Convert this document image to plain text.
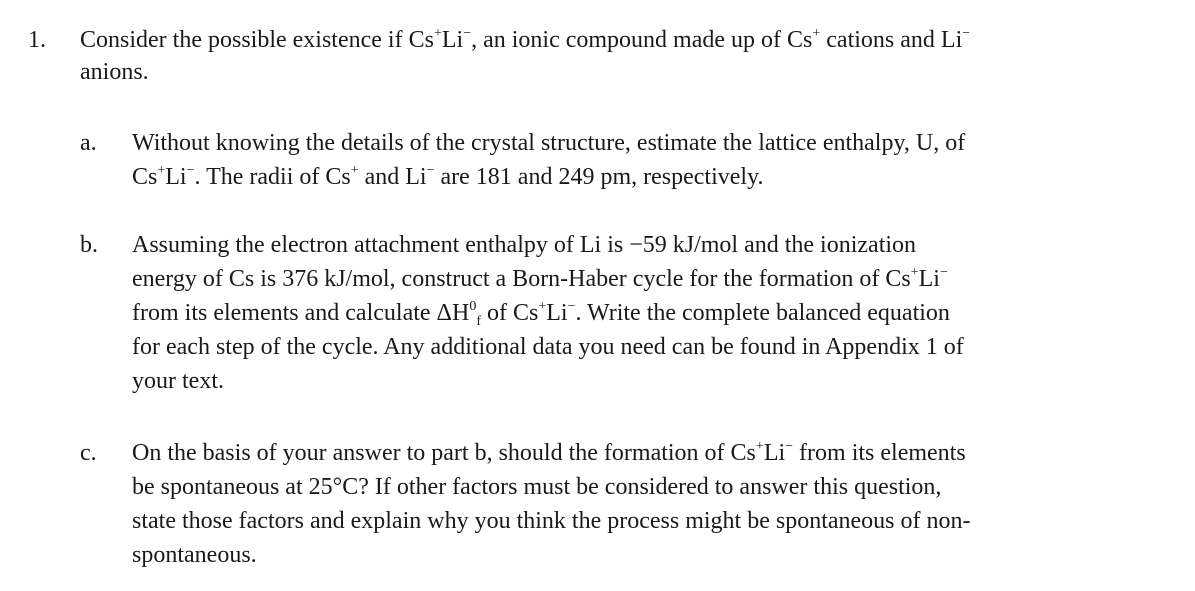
1. Consider the possible existence if Cs+Li−, an ionic compound made up of Cs+ cations and Li−
anions.
a. Without knowing the details of the crystal structure, estimate the lattice enthalpy, U, of
Cs+Li−. The radii of Cs+ and Li− are 181 and 249 pm, respectively.
b. Assuming the electron attachment enthalpy of Li is −59 kJ/mol and the ionization
energy of Cs is 376 kJ/mol, construct a Born-Haber cycle for the formation of Cs+Li−
from its elements and calculate $\Delta H^0_f$ of Cs+Li−. Write the complete balanced equation
for each step of the cycle. Any additional data you need can be found in Appendix 1 of
your text.
c. On the basis of your answer to part b, should the formation of Cs+Li− from its elements
be spontaneous at 25°C? If other factors must be considered to answer this question,
state those factors and explain why you think the process might be spontaneous of non-
spontaneous.
